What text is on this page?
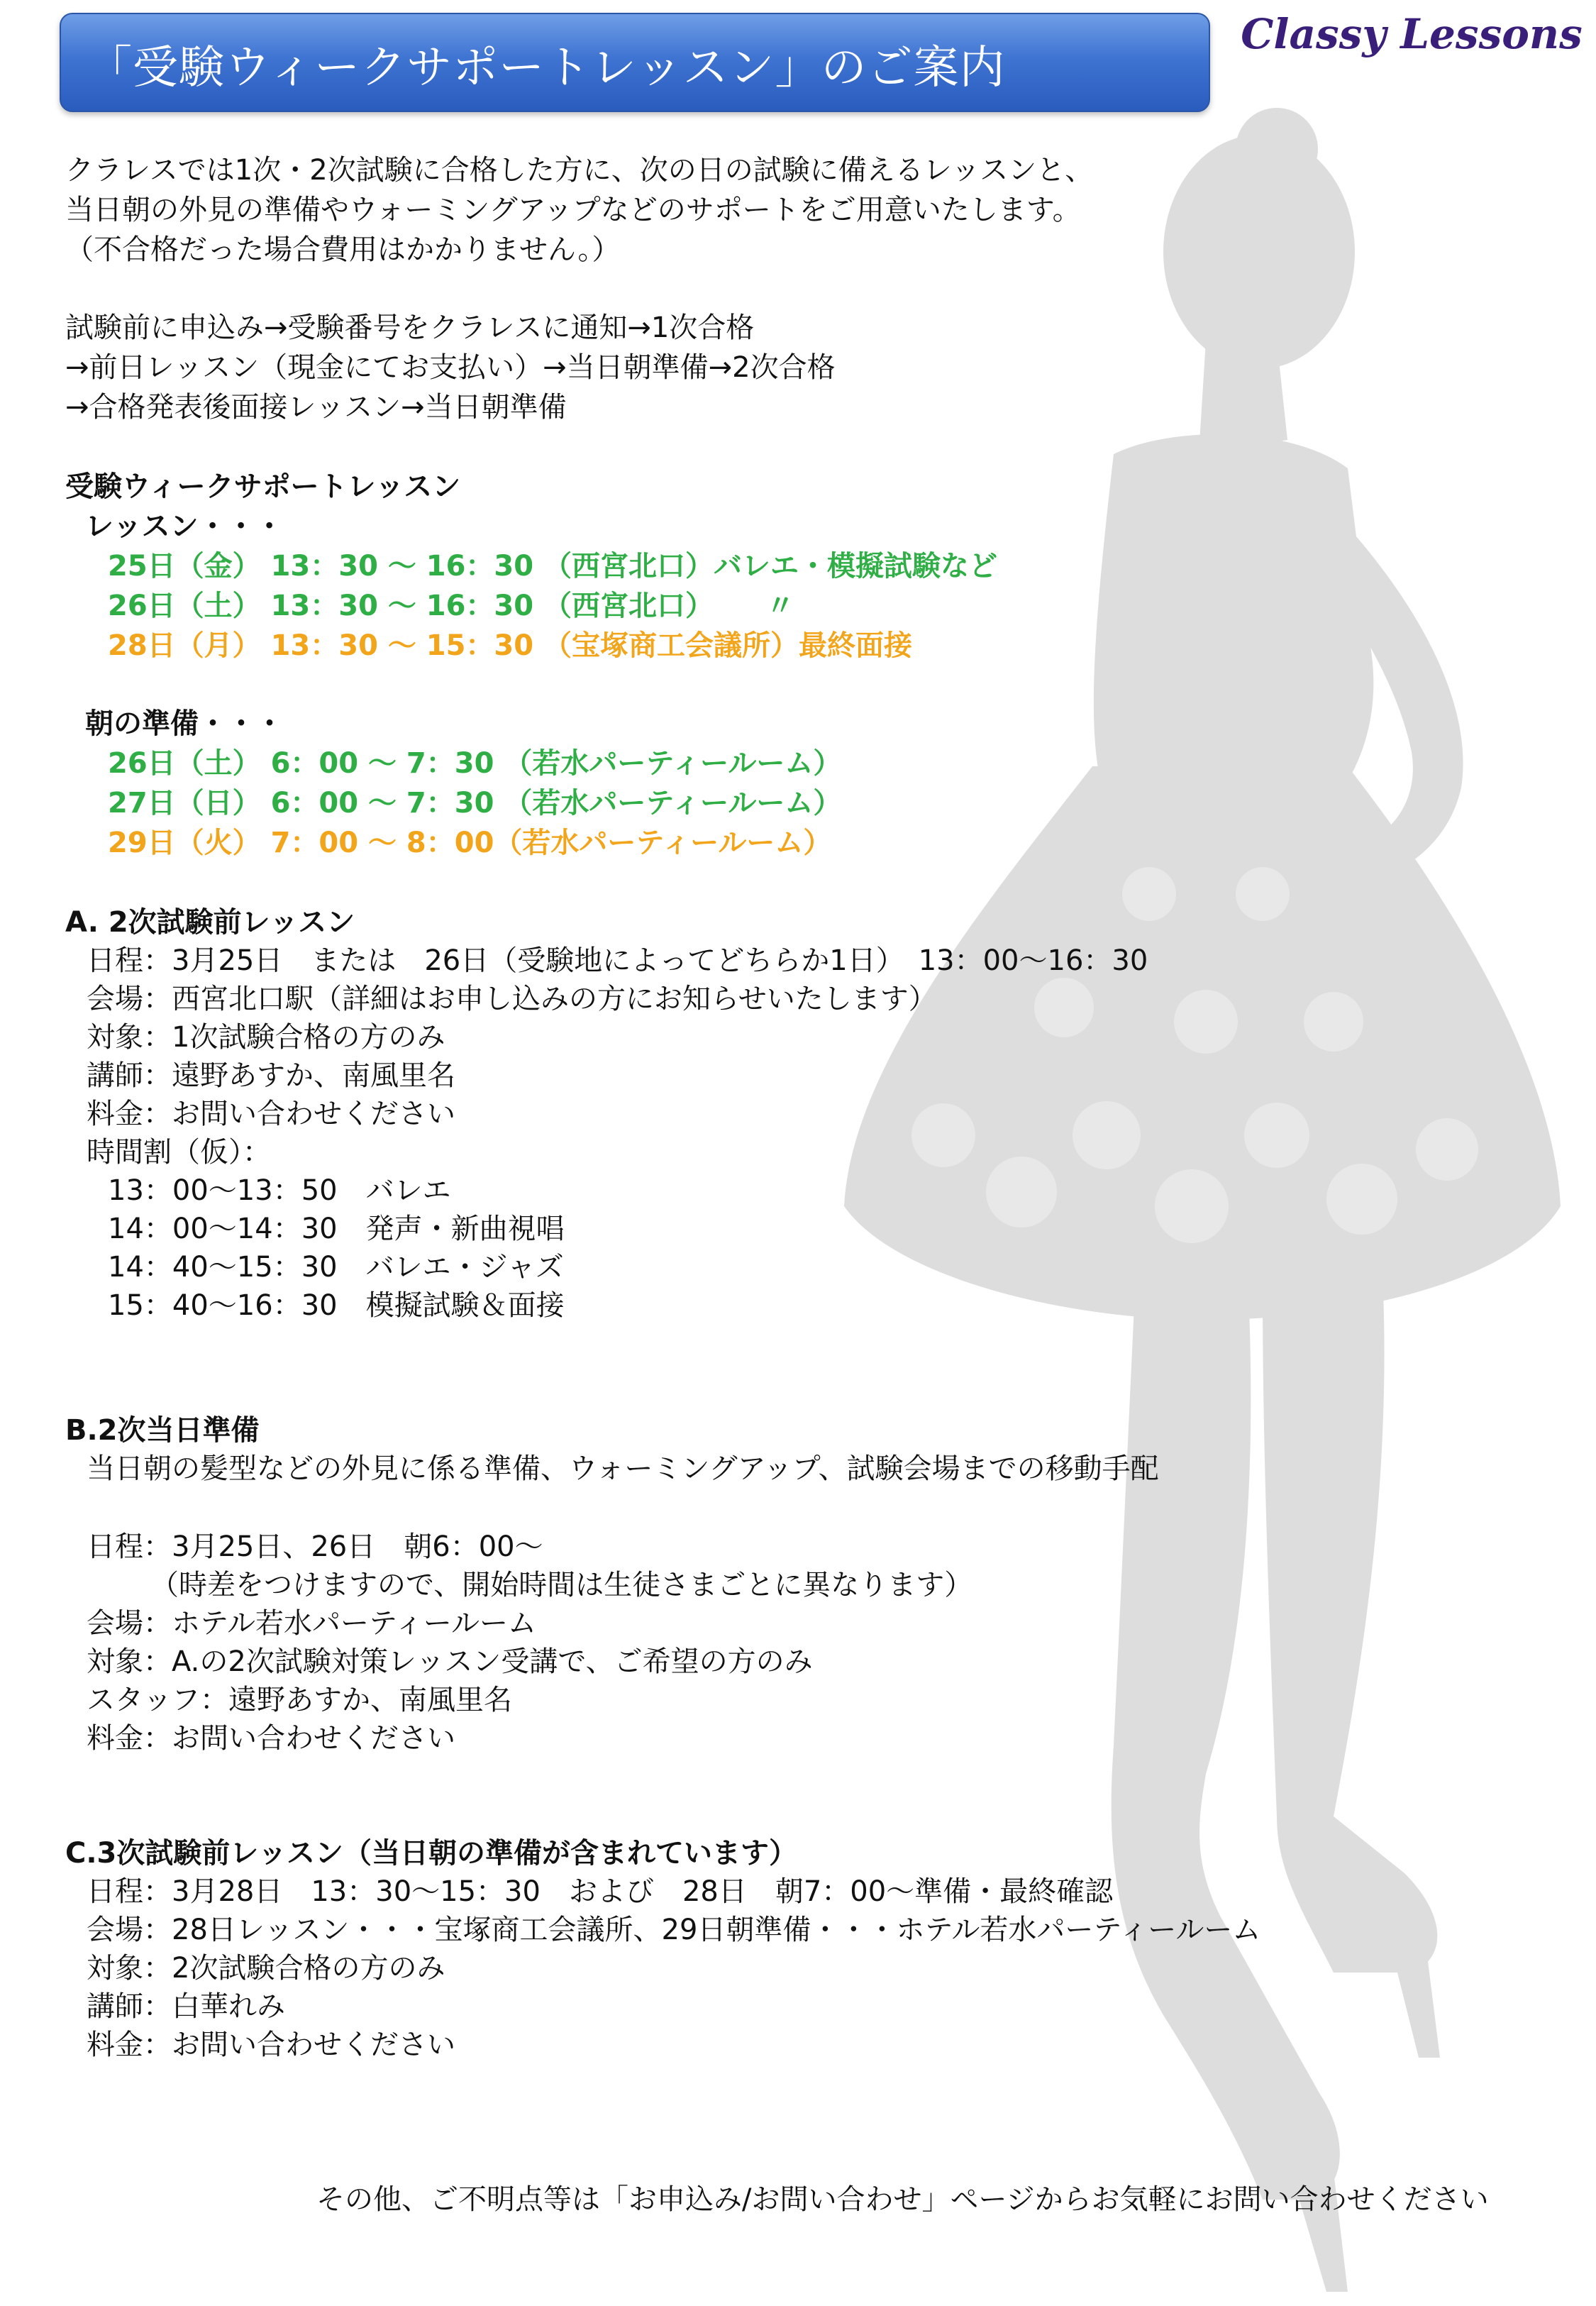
「受験ウィークサポートレッスン」のご案内
Classy Lessons
クラレスでは1次・2次試験に合格した方に、次の日の試験に備えるレッスンと、
当日朝の外見の準備やウォーミングアップなどのサポートをご用意いたします。
（不合格だった場合費用はかかりません。）
試験前に申込み→受験番号をクラレスに通知→1次合格
→前日レッスン（現金にてお支払い）→当日朝準備→2次合格
→合格発表後面接レッスン→当日朝準備
受験ウィークサポートレッスン
レッスン・・・
25日（金） 13：30 〜 16：30 （西宮北口）バレエ・模擬試験など
26日（土） 13：30 〜 16：30 （西宮北口）　　 〃
28日（月） 13：30 〜 15：30 （宝塚商工会議所）最終面接
朝の準備・・・
26日（土） 6：00 〜 7：30 （若水パーティールーム）
27日（日） 6：00 〜 7：30 （若水パーティールーム）
29日（火） 7：00 〜 8：00（若水パーティールーム）
A. 2次試験前レッスン
日程：3月25日　または　26日（受験地によってどちらか1日）　13：00〜16：30
会場：西宮北口駅（詳細はお申し込みの方にお知らせいたします）
対象：1次試験合格の方のみ
講師：遠野あすか、南風里名
料金：お問い合わせください
時間割（仮）：
13：00〜13：50　バレエ
14：00〜14：30　発声・新曲視唱
14：40〜15：30　バレエ・ジャズ
15：40〜16：30　模擬試験＆面接
B.2次当日準備
当日朝の髪型などの外見に係る準備、ウォーミングアップ、試験会場までの移動手配
日程：3月25日、26日　朝6：00〜
（時差をつけますので、開始時間は生徒さまごとに異なります）
会場：ホテル若水パーティールーム
対象：A.の2次試験対策レッスン受講で、ご希望の方のみ
スタッフ：遠野あすか、南風里名
料金：お問い合わせください
C.3次試験前レッスン（当日朝の準備が含まれています）
日程：3月28日　13：30〜15：30　および　28日　朝7：00〜準備・最終確認
会場：28日レッスン・・・宝塚商工会議所、29日朝準備・・・ホテル若水パーティールーム
対象：2次試験合格の方のみ
講師：白華れみ
料金：お問い合わせください
その他、ご不明点等は「お申込み/お問い合わせ」ページからお気軽にお問い合わせください
